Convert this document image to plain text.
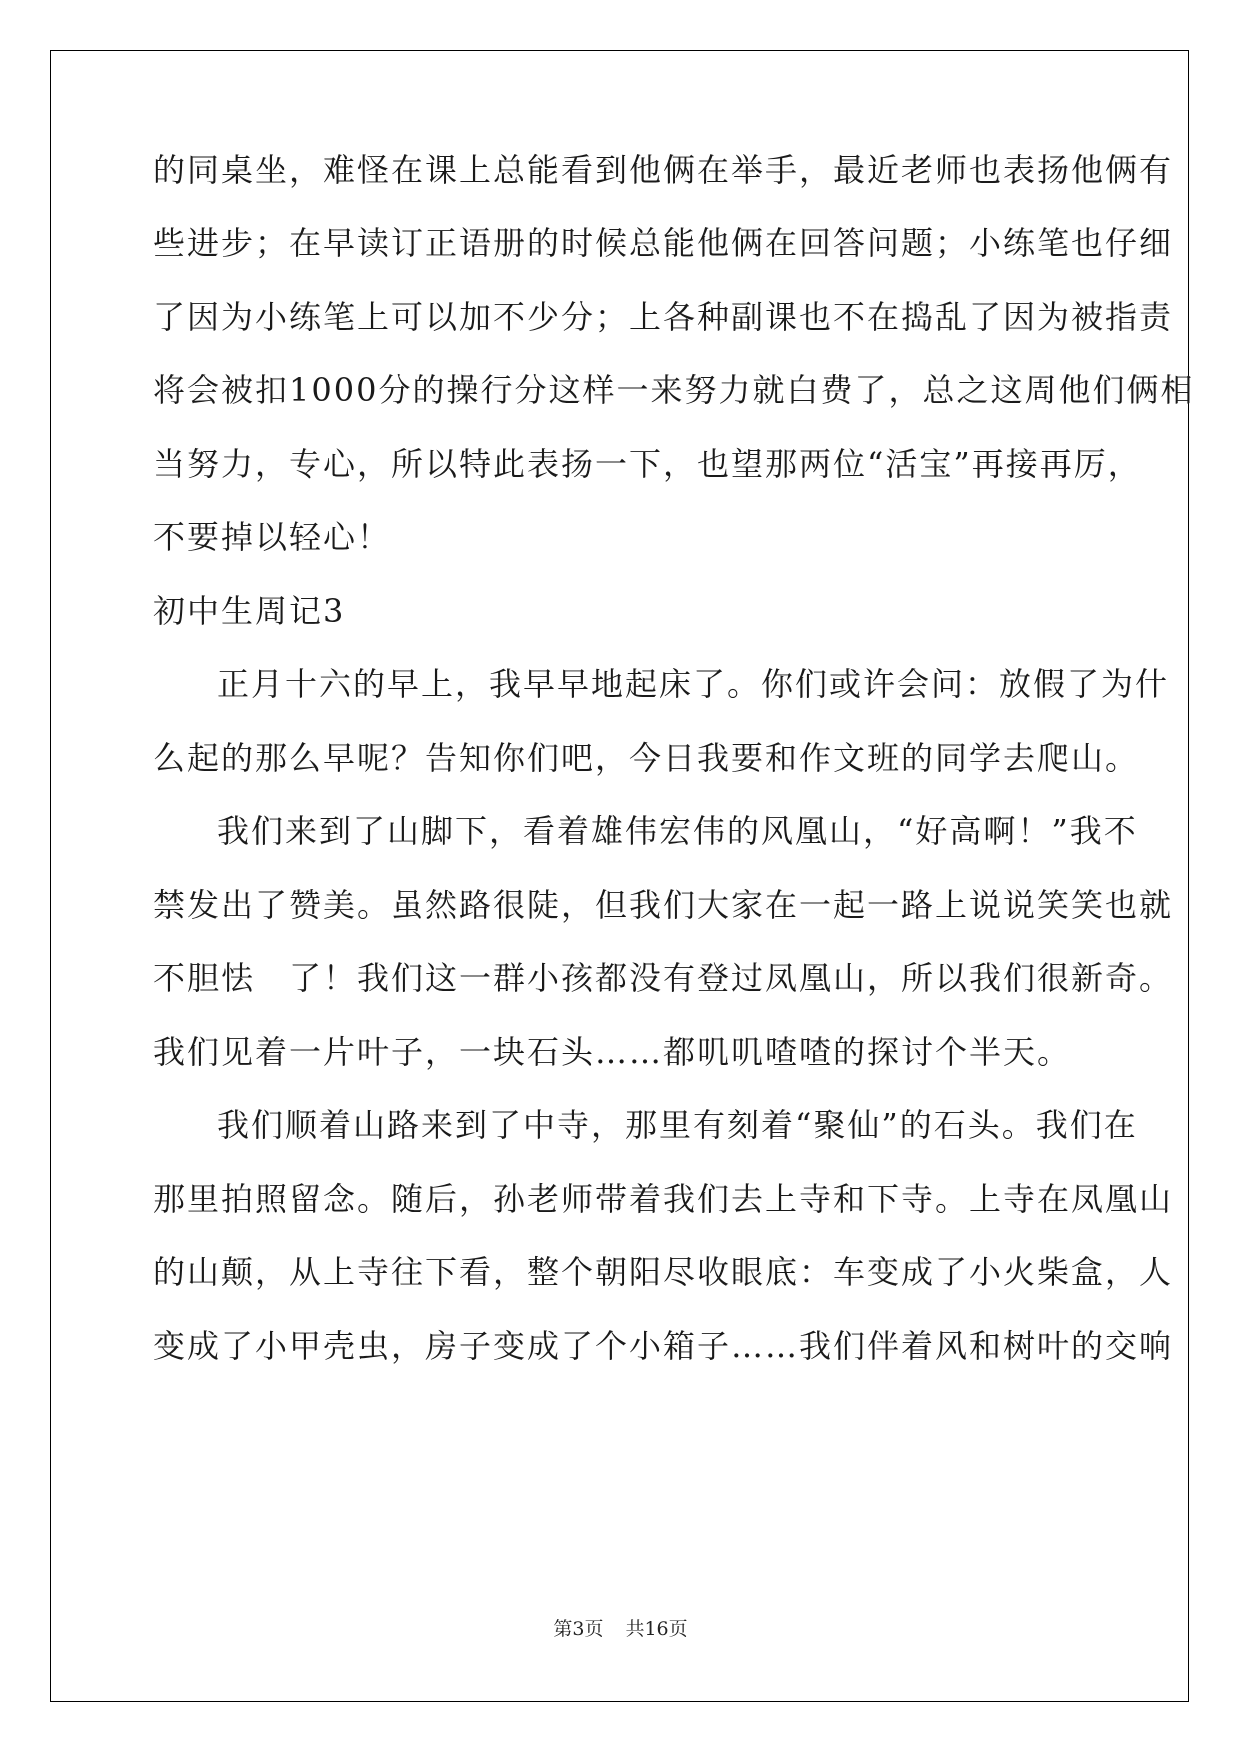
的同桌坐，难怪在课上总能看到他俩在举手，最近老师也表扬他俩有
些进步；在早读订正语册的时候总能他俩在回答问题；小练笔也仔细
了因为小练笔上可以加不少分；上各种副课也不在捣乱了因为被指责
将会被扣1000分的操行分这样一来努力就白费了，总之这周他们俩相
当努力，专心，所以特此表扬一下，也望那两位“活宝”再接再厉，
不要掉以轻心！
初中生周记3
正月十六的早上，我早早地起床了。你们或许会问：放假了为什
么起的那么早呢？告知你们吧，今日我要和作文班的同学去爬山。
我们来到了山脚下，看着雄伟宏伟的风凰山，“好高啊！”我不
禁发出了赞美。虽然路很陡，但我们大家在一起一路上说说笑笑也就
不胆怯　了！我们这一群小孩都没有登过凤凰山，所以我们很新奇。
我们见着一片叶子，一块石头……都叽叽喳喳的探讨个半天。
我们顺着山路来到了中寺，那里有刻着“聚仙”的石头。我们在
那里拍照留念。随后，孙老师带着我们去上寺和下寺。上寺在凤凰山
的山颠，从上寺往下看，整个朝阳尽收眼底：车变成了小火柴盒，人
变成了小甲壳虫，房子变成了个小箱子……我们伴着风和树叶的交响
第3页 共16页
